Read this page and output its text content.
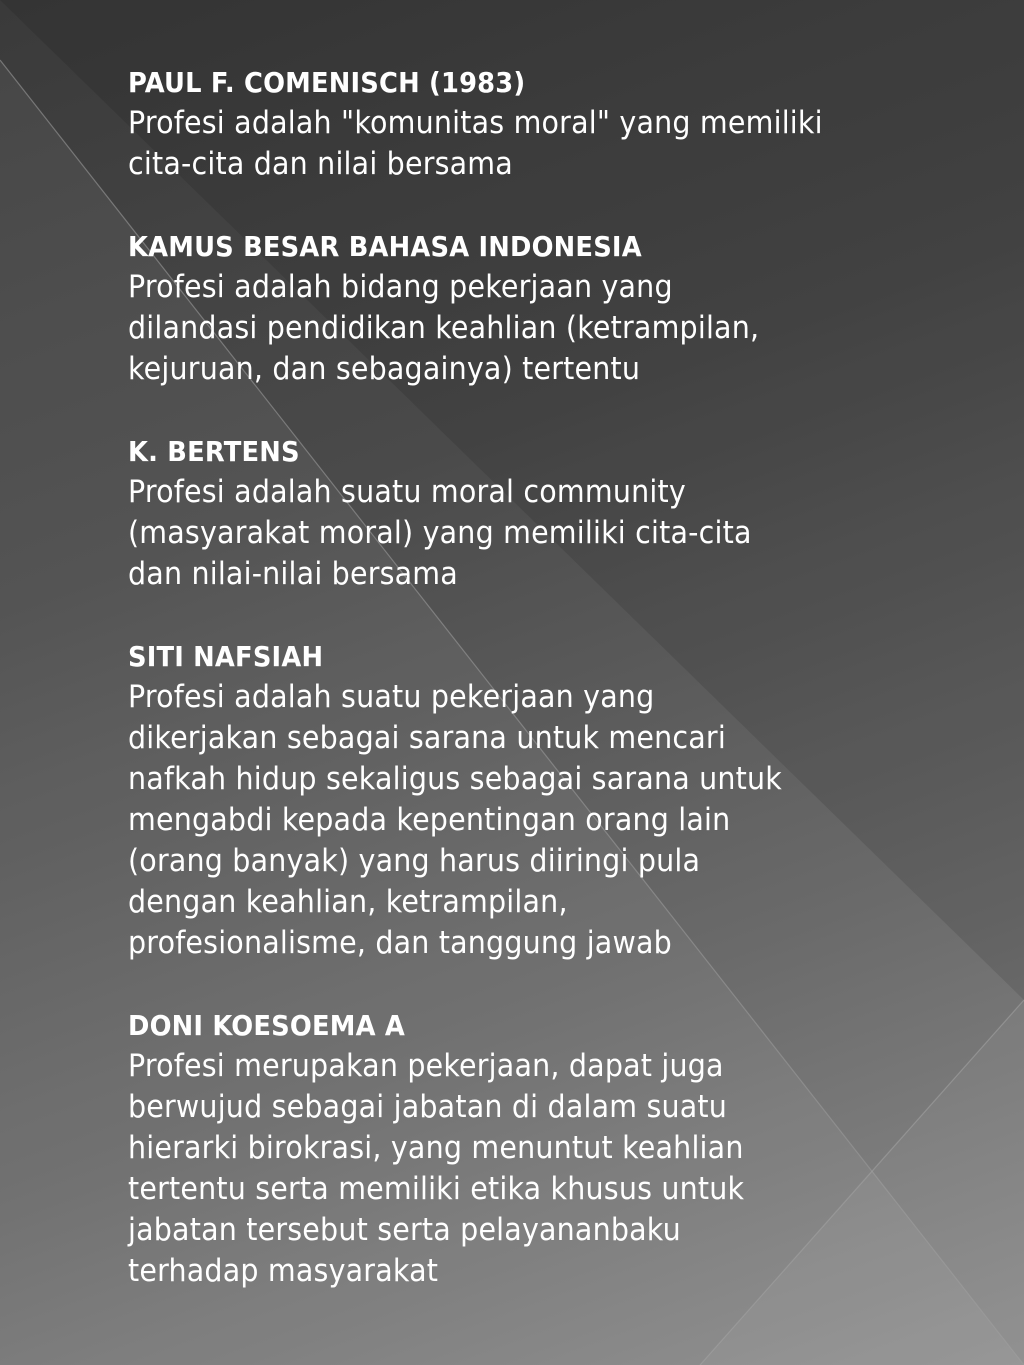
PAUL F. COMENISCH (1983)

Profesi adalah "komunitas moral" yang memiliki
cita-cita dan nilai bersama

KAMUS BESAR BAHASA INDONESIA

Profesi adalah bidang pekerjaan yang
dilandasi pendidikan keahlian (ketrampilan,
kejuruan, dan sebagainya) tertentu

K. BERTENS

Profesi adalah suatu moral community
(masyarakat moral) yang memiliki cita-cita
dan nilai-nilai bersama

SITI NAFSIAH

Profesi adalah suatu pekerjaan yang
dikerjakan sebagai sarana untuk mencari
nafkah hidup sekaligus sebagai sarana untuk
mengabdi kepada kepentingan orang lain
(orang banyak) yang harus diiringi pula
dengan keahlian, ketrampilan,
profesionalisme, dan tanggung jawab

DONI KOESOEMA A

Profesi merupakan pekerjaan, dapat juga
berwujud sebagai jabatan di dalam suatu
hierarki birokrasi, yang menuntut keahlian
tertentu serta memiliki etika khusus untuk
jabatan tersebut serta pelayananbaku
terhadap masyarakat
